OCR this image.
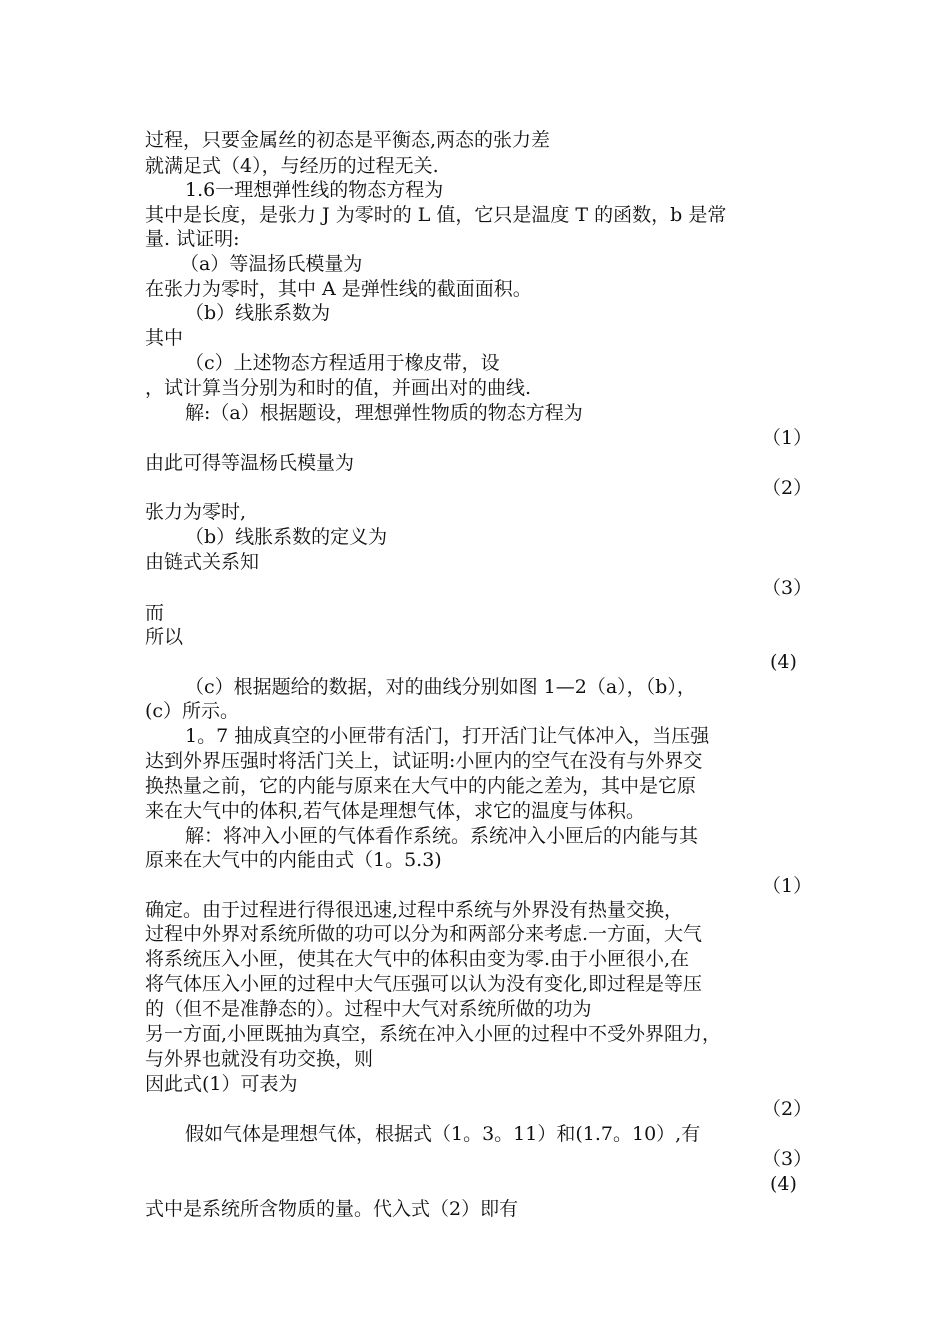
过程，只要金属丝的初态是平衡态,两态的张力差
就满足式（4），与经历的过程无关.
1.6一理想弹性线的物态方程为
其中是长度，是张力 J 为零时的 L 值，它只是温度 T 的函数，b 是常
量. 试证明:
（a）等温扬氏模量为
在张力为零时，其中 A 是弹性线的截面面积。
（b）线胀系数为
其中
（c）上述物态方程适用于橡皮带，设
，试计算当分别为和时的值，并画出对的曲线.
解:（a）根据题设，理想弹性物质的物态方程为
（1）
由此可得等温杨氏模量为
（2）
张力为零时,
（b）线胀系数的定义为
由链式关系知
（3）
而
所以
(4)
（c）根据题给的数据，对的曲线分别如图 1—2（a），（b），
(c）所示。
1。7 抽成真空的小匣带有活门，打开活门让气体冲入，当压强
达到外界压强时将活门关上，试证明:小匣内的空气在没有与外界交
换热量之前，它的内能与原来在大气中的内能之差为，其中是它原
来在大气中的体积,若气体是理想气体，求它的温度与体积。
解：将冲入小匣的气体看作系统。系统冲入小匣后的内能与其
原来在大气中的内能由式（1。5.3)
（1）
确定。由于过程进行得很迅速,过程中系统与外界没有热量交换，
过程中外界对系统所做的功可以分为和两部分来考虑.一方面，大气
将系统压入小匣，使其在大气中的体积由变为零.由于小匣很小,在
将气体压入小匣的过程中大气压强可以认为没有变化,即过程是等压
的（但不是准静态的）。过程中大气对系统所做的功为
另一方面,小匣既抽为真空，系统在冲入小匣的过程中不受外界阻力，
与外界也就没有功交换，则
因此式(1）可表为
（2）
假如气体是理想气体，根据式（1。3。11）和(1.7。10）,有
（3）
(4)
式中是系统所含物质的量。代入式（2）即有
